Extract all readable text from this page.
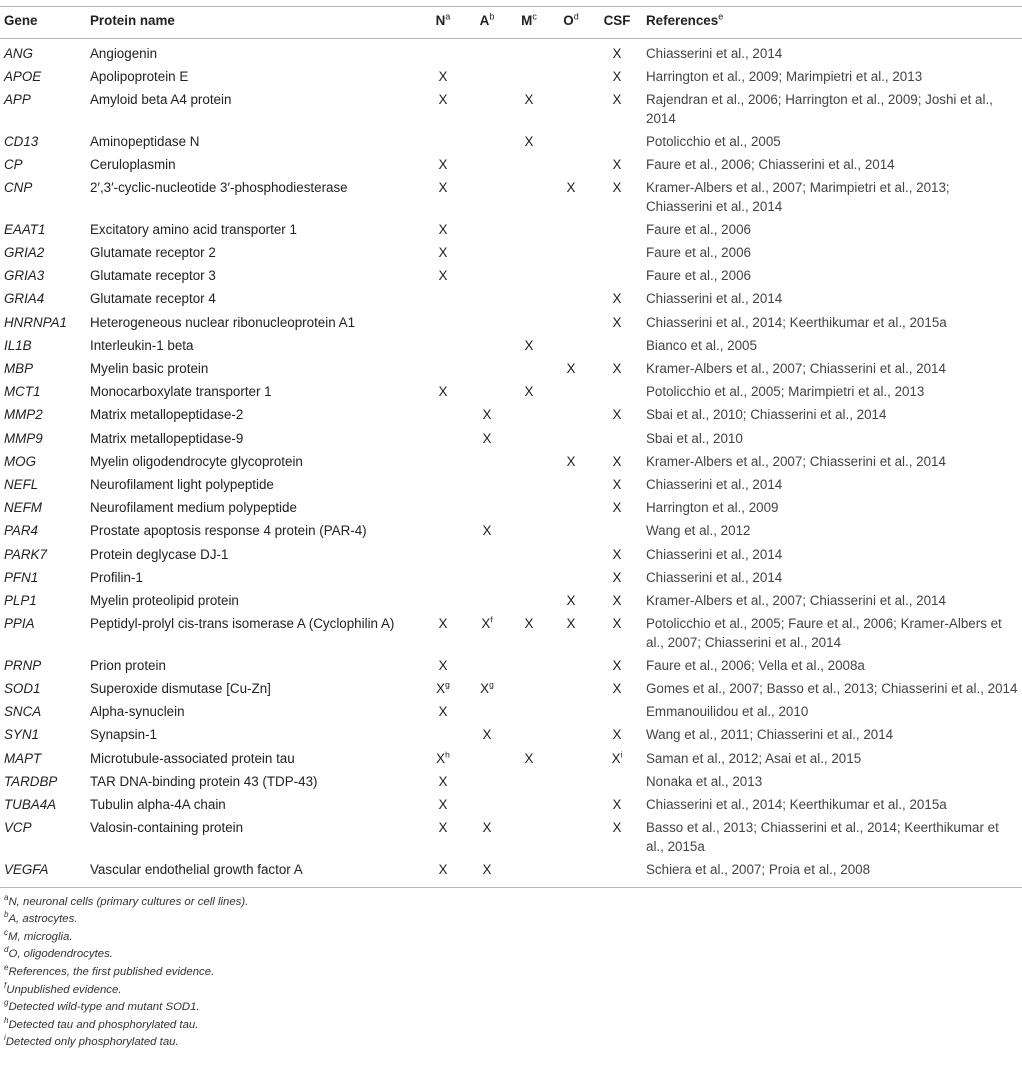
Gene	Protein name	$N^a$	$A^b$	$M^c$	$O^d$	CSF	References$^e$
ANG	Angiogenin					X	Chiasserini et al., 2014
APOE	Apolipoprotein E	X				X	Harrington et al., 2009; Marimpietri et al., 2013
APP	Amyloid beta A4 protein	X		X		X	Rajendran et al., 2006; Harrington et al., 2009; Joshi et al., 2014
CD13	Aminopeptidase N			X			Potolicchio et al., 2005
CP	Ceruloplasmin	X				X	Faure et al., 2006; Chiasserini et al., 2014
CNP	2′,3′-cyclic-nucleotide 3′-phosphodiesterase	X			X	X	Kramer-Albers et al., 2007; Marimpietri et al., 2013; Chiasserini et al., 2014
EAAT1	Excitatory amino acid transporter 1	X					Faure et al., 2006
GRIA2	Glutamate receptor 2	X					Faure et al., 2006
GRIA3	Glutamate receptor 3	X					Faure et al., 2006
GRIA4	Glutamate receptor 4					X	Chiasserini et al., 2014
HNRNPA1	Heterogeneous nuclear ribonucleoprotein A1					X	Chiasserini et al., 2014; Keerthikumar et al., 2015a
IL1B	Interleukin-1 beta			X			Bianco et al., 2005
MBP	Myelin basic protein				X	X	Kramer-Albers et al., 2007; Chiasserini et al., 2014
MCT1	Monocarboxylate transporter 1	X		X			Potolicchio et al., 2005; Marimpietri et al., 2013
MMP2	Matrix metallopeptidase-2		X			X	Sbai et al., 2010; Chiasserini et al., 2014
MMP9	Matrix metallopeptidase-9		X				Sbai et al., 2010
MOG	Myelin oligodendrocyte glycoprotein				X	X	Kramer-Albers et al., 2007; Chiasserini et al., 2014
NEFL	Neurofilament light polypeptide					X	Chiasserini et al., 2014
NEFM	Neurofilament medium polypeptide					X	Harrington et al., 2009
PAR4	Prostate apoptosis response 4 protein (PAR-4)		X				Wang et al., 2012
PARK7	Protein deglycase DJ-1					X	Chiasserini et al., 2014
PFN1	Profilin-1					X	Chiasserini et al., 2014
PLP1	Myelin proteolipid protein				X	X	Kramer-Albers et al., 2007; Chiasserini et al., 2014
PPIA	Peptidyl-prolyl cis-trans isomerase A (Cyclophilin A)	X	$X^f$	X	X	X	Potolicchio et al., 2005; Faure et al., 2006; Kramer-Albers et al., 2007; Chiasserini et al., 2014
PRNP	Prion protein	X				X	Faure et al., 2006; Vella et al., 2008a
SOD1	Superoxide dismutase [Cu-Zn]	$X^g$	$X^g$			X	Gomes et al., 2007; Basso et al., 2013; Chiasserini et al., 2014
SNCA	Alpha-synuclein	X					Emmanouilidou et al., 2010
SYN1	Synapsin-1		X			X	Wang et al., 2011; Chiasserini et al., 2014
MAPT	Microtubule-associated protein tau	$X^h$		X		$X^i$	Saman et al., 2012; Asai et al., 2015
TARDBP	TAR DNA-binding protein 43 (TDP-43)	X					Nonaka et al., 2013
TUBA4A	Tubulin alpha-4A chain	X				X	Chiasserini et al., 2014; Keerthikumar et al., 2015a
VCP	Valosin-containing protein	X	X			X	Basso et al., 2013; Chiasserini et al., 2014; Keerthikumar et al., 2015a
VEGFA	Vascular endothelial growth factor A	X	X				Schiera et al., 2007; Proia et al., 2008
$^a$N, neuronal cells (primary cultures or cell lines).
$^b$A, astrocytes.
$^c$M, microglia.
$^d$O, oligodendrocytes.
$^e$References, the first published evidence.
$^f$Unpublished evidence.
$^g$Detected wild-type and mutant SOD1.
$^h$Detected tau and phosphorylated tau.
$^i$Detected only phosphorylated tau.
